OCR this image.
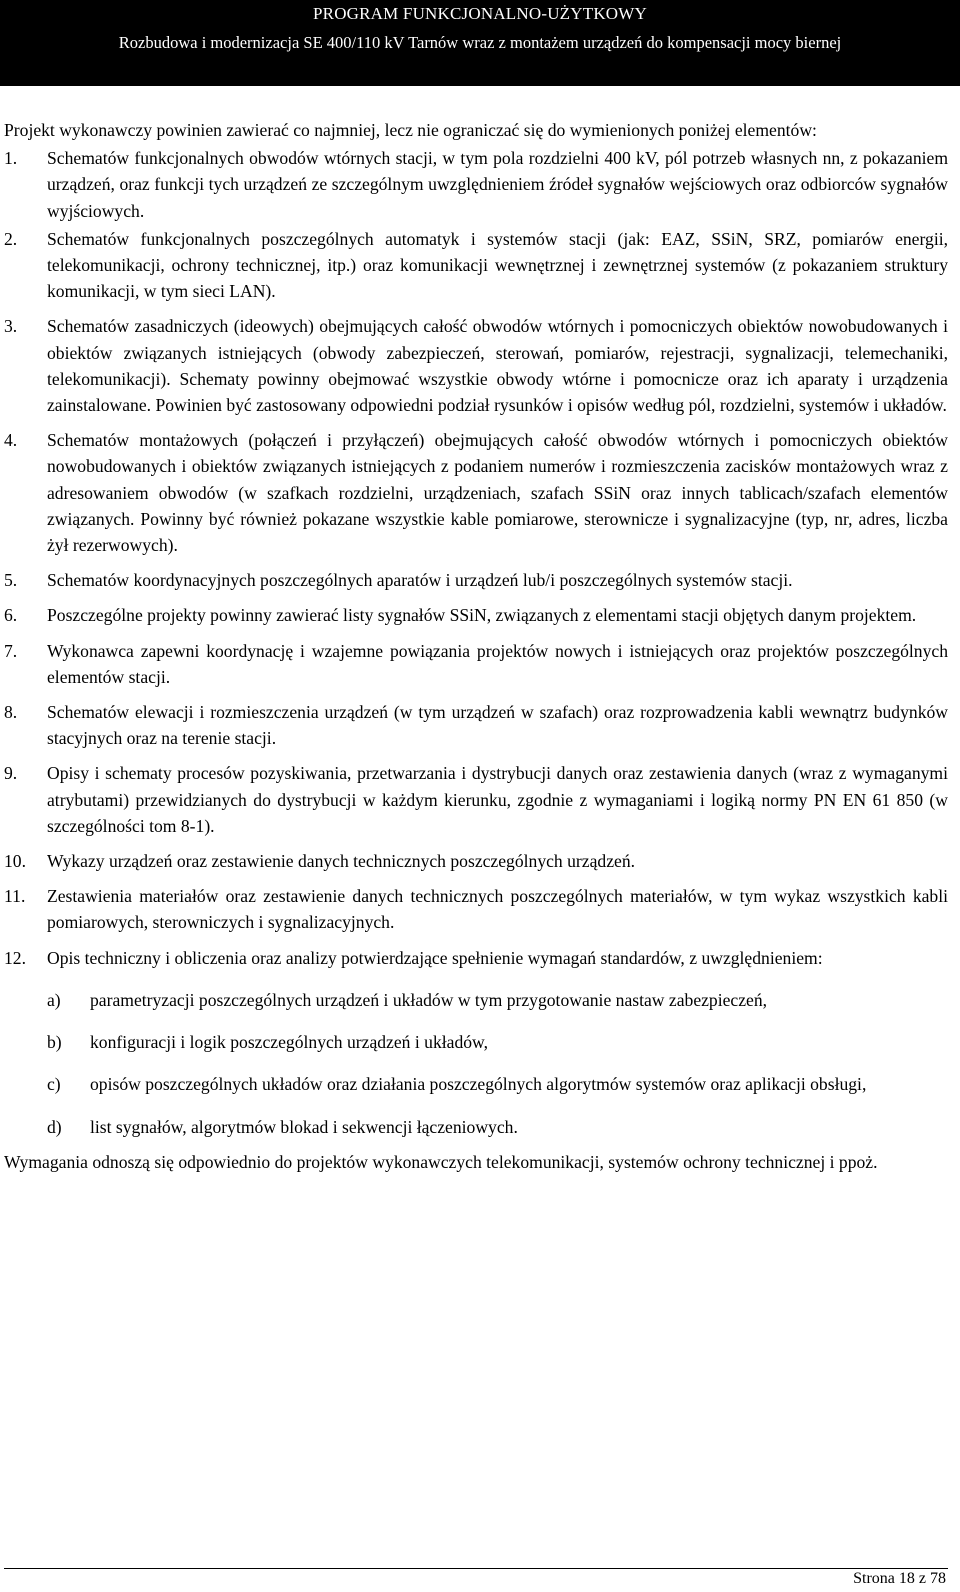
PROGRAM FUNKCJONALNO-UŻYTKOWY
Rozbudowa i modernizacja SE 400/110 kV Tarnów wraz z montażem urządzeń do kompensacji mocy biernej

Projekt wykonawczy powinien zawierać co najmniej, lecz nie ograniczać się do wymienionych poniżej elementów:

1.	Schematów funkcjonalnych obwodów wtórnych stacji, w tym pola rozdzielni 400 kV, pól potrzeb własnych nn, z pokazaniem urządzeń, oraz funkcji tych urządzeń ze szczególnym uwzględnieniem źródeł sygnałów wejściowych oraz odbiorców sygnałów wyjściowych.
2.	Schematów funkcjonalnych poszczególnych automatyk i systemów stacji (jak: EAZ, SSiN, SRZ, pomiarów energii, telekomunikacji, ochrony technicznej, itp.) oraz komunikacji wewnętrznej i zewnętrznej systemów (z pokazaniem struktury komunikacji, w tym sieci LAN).
3.	Schematów zasadniczych (ideowych) obejmujących całość obwodów wtórnych i pomocniczych obiektów nowobudowanych i obiektów związanych istniejących (obwody zabezpieczeń, sterowań, pomiarów, rejestracji, sygnalizacji, telemechaniki, telekomunikacji). Schematy powinny obejmować wszystkie obwody wtórne i pomocnicze oraz ich aparaty i urządzenia zainstalowane. Powinien być zastosowany odpowiedni podział rysunków i opisów według pól, rozdzielni, systemów i układów.
4.	Schematów montażowych (połączeń i przyłączeń) obejmujących całość obwodów wtórnych i pomocniczych obiektów nowobudowanych i obiektów związanych istniejących z podaniem numerów i rozmieszczenia zacisków montażowych wraz z adresowaniem obwodów (w szafkach rozdzielni, urządzeniach, szafach SSiN oraz innych tablicach/szafach elementów związanych. Powinny być również pokazane wszystkie kable pomiarowe, sterownicze i sygnalizacyjne (typ, nr, adres, liczba żył rezerwowych).
5.	Schematów koordynacyjnych poszczególnych aparatów i urządzeń lub/i poszczególnych systemów stacji.
6.	Poszczególne projekty powinny zawierać listy sygnałów SSiN, związanych z elementami stacji objętych danym projektem.
7.	Wykonawca zapewni koordynację i wzajemne powiązania projektów nowych i istniejących oraz projektów poszczególnych elementów stacji.
8.	Schematów elewacji i rozmieszczenia urządzeń (w tym urządzeń w szafach) oraz rozprowadzenia kabli wewnątrz budynków stacyjnych oraz na terenie stacji.
9.	Opisy i schematy procesów pozyskiwania, przetwarzania i dystrybucji danych oraz zestawienia danych (wraz z wymaganymi atrybutami) przewidzianych do dystrybucji w każdym kierunku, zgodnie z wymaganiami i logiką normy PN EN 61 850 (w szczególności tom 8-1).
10.	Wykazy urządzeń oraz zestawienie danych technicznych poszczególnych urządzeń.
11.	Zestawienia materiałów oraz zestawienie danych technicznych poszczególnych materiałów, w tym wykaz wszystkich kabli pomiarowych, sterowniczych i sygnalizacyjnych.
12.	Opis techniczny i obliczenia oraz analizy potwierdzające spełnienie wymagań standardów, z uwzględnieniem:
a)	parametryzacji poszczególnych urządzeń i układów w tym przygotowanie nastaw zabezpieczeń,
b)	konfiguracji i logik poszczególnych urządzeń i układów,
c)	opisów poszczególnych układów oraz działania poszczególnych algorytmów systemów oraz aplikacji obsługi,
d)	list sygnałów, algorytmów blokad i sekwencji łączeniowych.

Wymagania odnoszą się odpowiednio do projektów wykonawczych telekomunikacji, systemów ochrony technicznej i ppoż.

Strona 18 z 78
